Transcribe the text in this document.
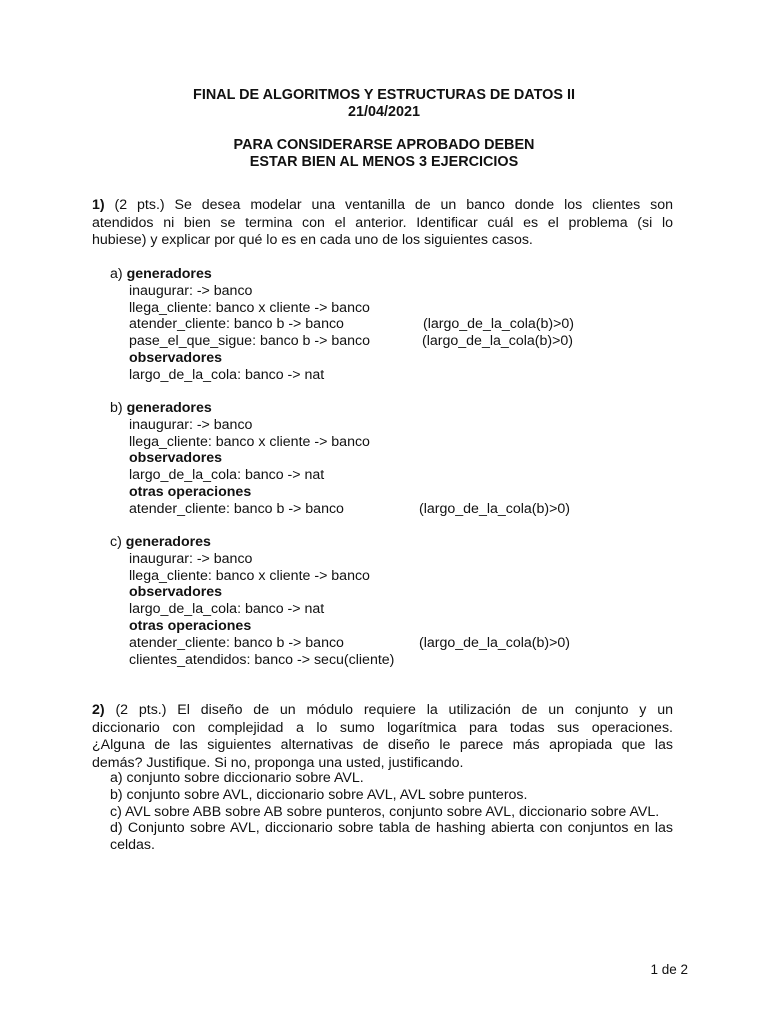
FINAL DE ALGORITMOS Y ESTRUCTURAS DE DATOS II
21/04/2021
PARA CONSIDERARSE APROBADO DEBEN
ESTAR BIEN AL MENOS 3 EJERCICIOS

1) (2 pts.) Se desea modelar una ventanilla de un banco donde los clientes son

atendidos ni bien se termina con el anterior. Identificar cuál es el problema (si lo

hubiese) y explicar por qué lo es en cada uno de los siguientes casos.

a) generadores
inaugurar: -> banco
llega_cliente: banco x cliente -> banco
atender_cliente: banco b -> banco	(largo_de_la_cola(b)>0)
pase_el_que_sigue: banco b -> banco	(largo_de_la_cola(b)>0)
observadores
largo_de_la_cola: banco -> nat
b) generadores
inaugurar: -> banco
llega_cliente: banco x cliente -> banco
observadores
largo_de_la_cola: banco -> nat
otras operaciones
atender_cliente: banco b -> banco	(largo_de_la_cola(b)>0)
c) generadores
inaugurar: -> banco
llega_cliente: banco x cliente -> banco
observadores
largo_de_la_cola: banco -> nat
otras operaciones
atender_cliente: banco b -> banco	(largo_de_la_cola(b)>0)
clientes_atendidos: banco -> secu(cliente)

2) (2 pts.) El diseño de un módulo requiere la utilización de un conjunto y un

diccionario con complejidad a lo sumo logarítmica para todas sus operaciones.

¿Alguna de las siguientes alternativas de diseño le parece más apropiada que las

demás? Justifique. Si no, proponga una usted, justificando.

a) conjunto sobre diccionario sobre AVL.
b) conjunto sobre AVL, diccionario sobre AVL, AVL sobre punteros.
c) AVL sobre ABB sobre AB sobre punteros, conjunto sobre AVL, diccionario sobre AVL.
d) Conjunto sobre AVL, diccionario sobre tabla de hashing abierta con conjuntos en las celdas.
1 de 2
